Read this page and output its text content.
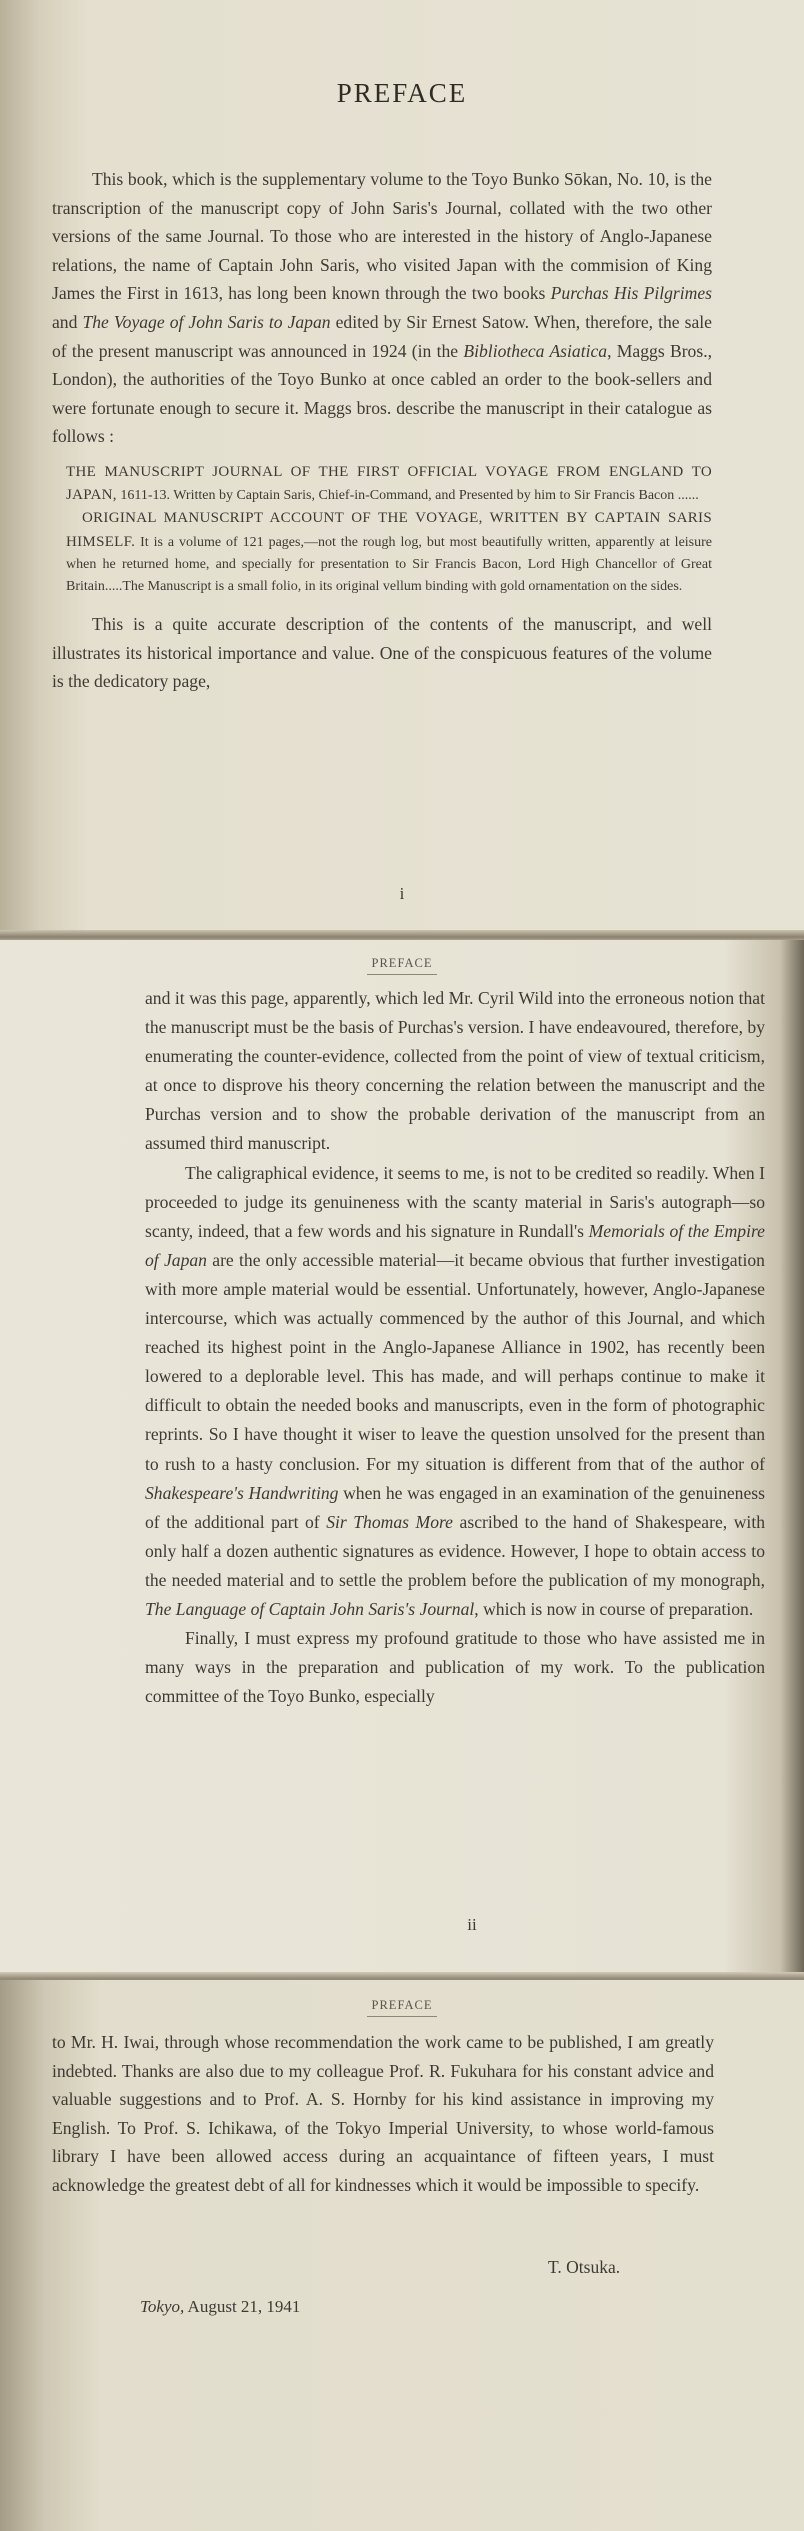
PREFACE

This book, which is the supplementary volume to the Toyo Bunko Sōkan, No. 10, is the transcription of the manuscript copy of John Saris's Journal, collated with the two other versions of the same Journal. To those who are interested in the history of Anglo-Japanese relations, the name of Captain John Saris, who visited Japan with the commision of King James the First in 1613, has long been known through the two books Purchas His Pilgrimes and The Voyage of John Saris to Japan edited by Sir Ernest Satow. When, therefore, the sale of the present manuscript was announced in 1924 (in the Bibliotheca Asiatica, Maggs Bros., London), the authorities of the Toyo Bunko at once cabled an order to the book-sellers and were fortunate enough to secure it. Maggs bros. describe the manuscript in their catalogue as follows :

THE MANUSCRIPT JOURNAL OF THE FIRST OFFICIAL VOYAGE FROM ENGLAND TO JAPAN, 1611-13. Written by Captain Saris, Chief-in-Command, and Presented by him to Sir Francis Bacon ......

ORIGINAL MANUSCRIPT ACCOUNT OF THE VOYAGE, WRITTEN BY CAPTAIN SARIS HIMSELF. It is a volume of 121 pages,—not the rough log, but most beautifully written, apparently at leisure when he returned home, and specially for presentation to Sir Francis Bacon, Lord High Chancellor of Great Britain.....The Manuscript is a small folio, in its original vellum binding with gold ornamentation on the sides.

This is a quite accurate description of the contents of the manuscript, and well illustrates its historical importance and value. One of the conspicuous features of the volume is the dedicatory page,

i
PREFACE

and it was this page, apparently, which led Mr. Cyril Wild into the erroneous notion that the manuscript must be the basis of Purchas's version. I have endeavoured, therefore, by enumerating the counter-evidence, collected from the point of view of textual criticism, at once to disprove his theory concerning the relation between the manuscript and the Purchas version and to show the probable derivation of the manuscript from an assumed third manuscript.

The caligraphical evidence, it seems to me, is not to be credited so readily. When I proceeded to judge its genuineness with the scanty material in Saris's autograph—so scanty, indeed, that a few words and his signature in Rundall's Memorials of the Empire of Japan are the only accessible material—it became obvious that further investigation with more ample material would be essential. Unfortunately, however, Anglo-Japanese intercourse, which was actually commenced by the author of this Journal, and which reached its highest point in the Anglo-Japanese Alliance in 1902, has recently been lowered to a deplorable level. This has made, and will perhaps continue to make it difficult to obtain the needed books and manuscripts, even in the form of photographic reprints. So I have thought it wiser to leave the question unsolved for the present than to rush to a hasty conclusion. For my situation is different from that of the author of Shakespeare's Handwriting when he was engaged in an examination of the genuineness of the additional part of Sir Thomas More ascribed to the hand of Shakespeare, with only half a dozen authentic signatures as evidence. However, I hope to obtain access to the needed material and to settle the problem before the publication of my monograph, The Language of Captain John Saris's Journal, which is now in course of preparation.

Finally, I must express my profound gratitude to those who have assisted me in many ways in the preparation and publication of my work. To the publication committee of the Toyo Bunko, especially

ii
PREFACE

to Mr. H. Iwai, through whose recommendation the work came to be published, I am greatly indebted. Thanks are also due to my colleague Prof. R. Fukuhara for his constant advice and valuable suggestions and to Prof. A. S. Hornby for his kind assistance in improving my English. To Prof. S. Ichikawa, of the Tokyo Imperial University, to whose world-famous library I have been allowed access during an acquaintance of fifteen years, I must acknowledge the greatest debt of all for kindnesses which it would be impossible to specify.

T. Otsuka.
Tokyo, August 21, 1941
